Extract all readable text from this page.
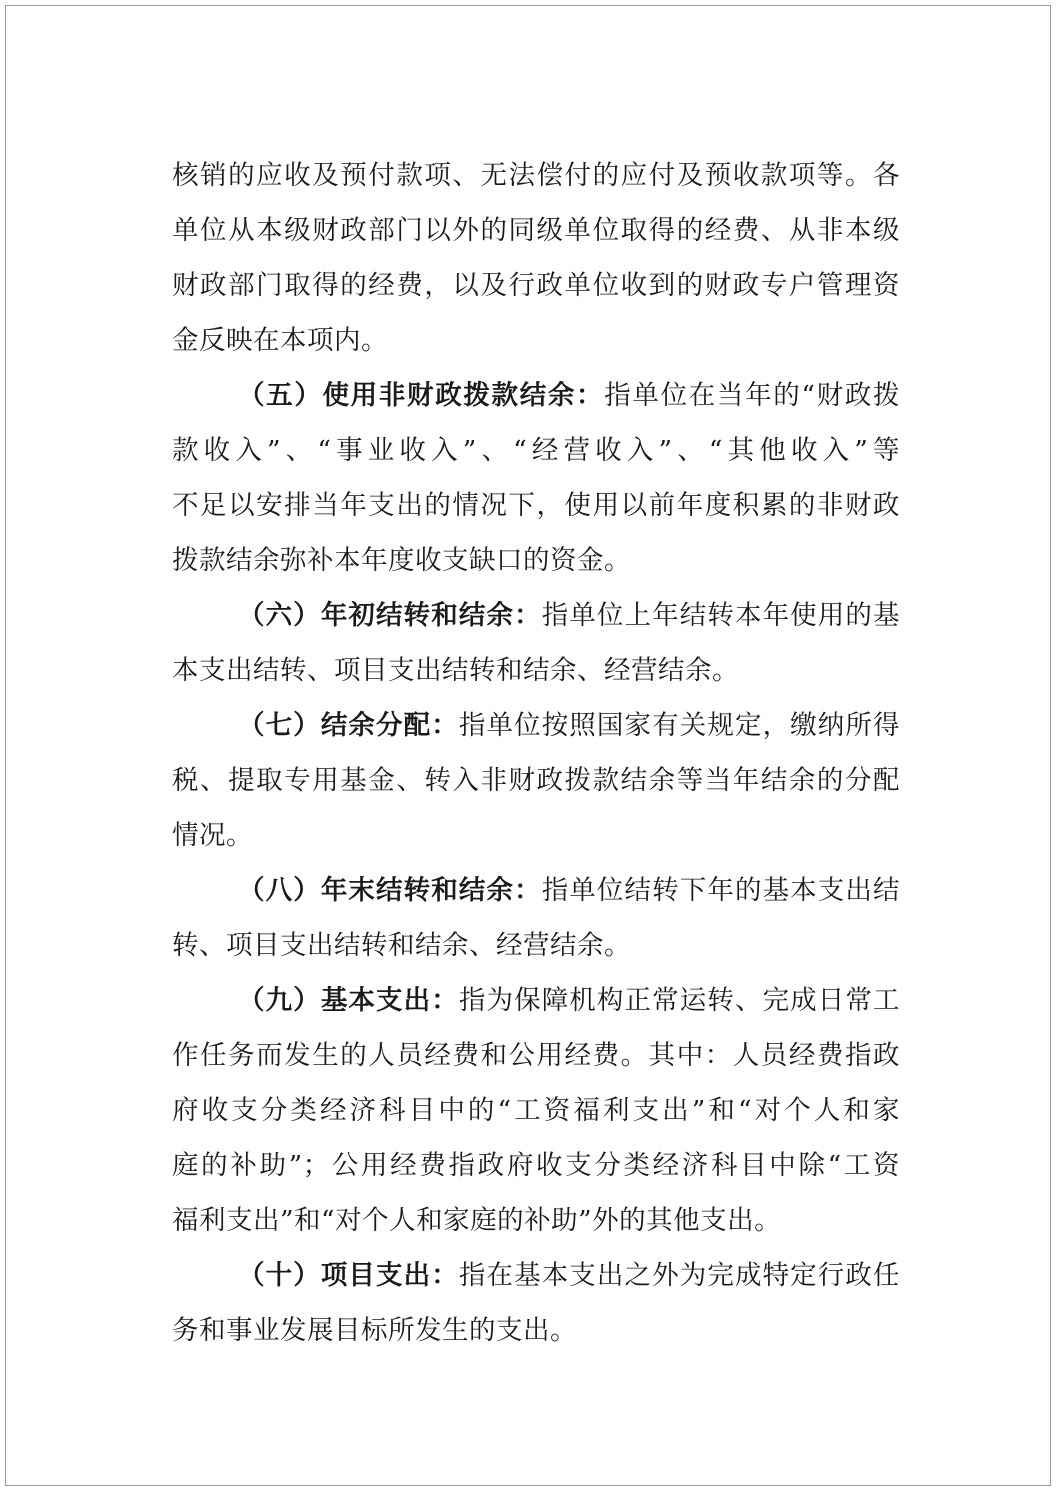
核销的应收及预付款项、无法偿付的应付及预收款项等。各
单位从本级财政部门以外的同级单位取得的经费、从非本级
财政部门取得的经费，以及行政单位收到的财政专户管理资
金反映在本项内。
（五）使用非财政拨款结余：指单位在当年的“财政拨
款收入”、“事业收入”、“经营收入”、“其他收入”等
不足以安排当年支出的情况下，使用以前年度积累的非财政
拨款结余弥补本年度收支缺口的资金。
（六）年初结转和结余：指单位上年结转本年使用的基
本支出结转、项目支出结转和结余、经营结余。
（七）结余分配：指单位按照国家有关规定，缴纳所得
税、提取专用基金、转入非财政拨款结余等当年结余的分配
情况。
（八）年末结转和结余：指单位结转下年的基本支出结
转、项目支出结转和结余、经营结余。
（九）基本支出：指为保障机构正常运转、完成日常工
作任务而发生的人员经费和公用经费。其中：人员经费指政
府收支分类经济科目中的“工资福利支出”和“对个人和家
庭的补助”；公用经费指政府收支分类经济科目中除“工资
福利支出”和“对个人和家庭的补助”外的其他支出。
（十）项目支出：指在基本支出之外为完成特定行政任
务和事业发展目标所发生的支出。
